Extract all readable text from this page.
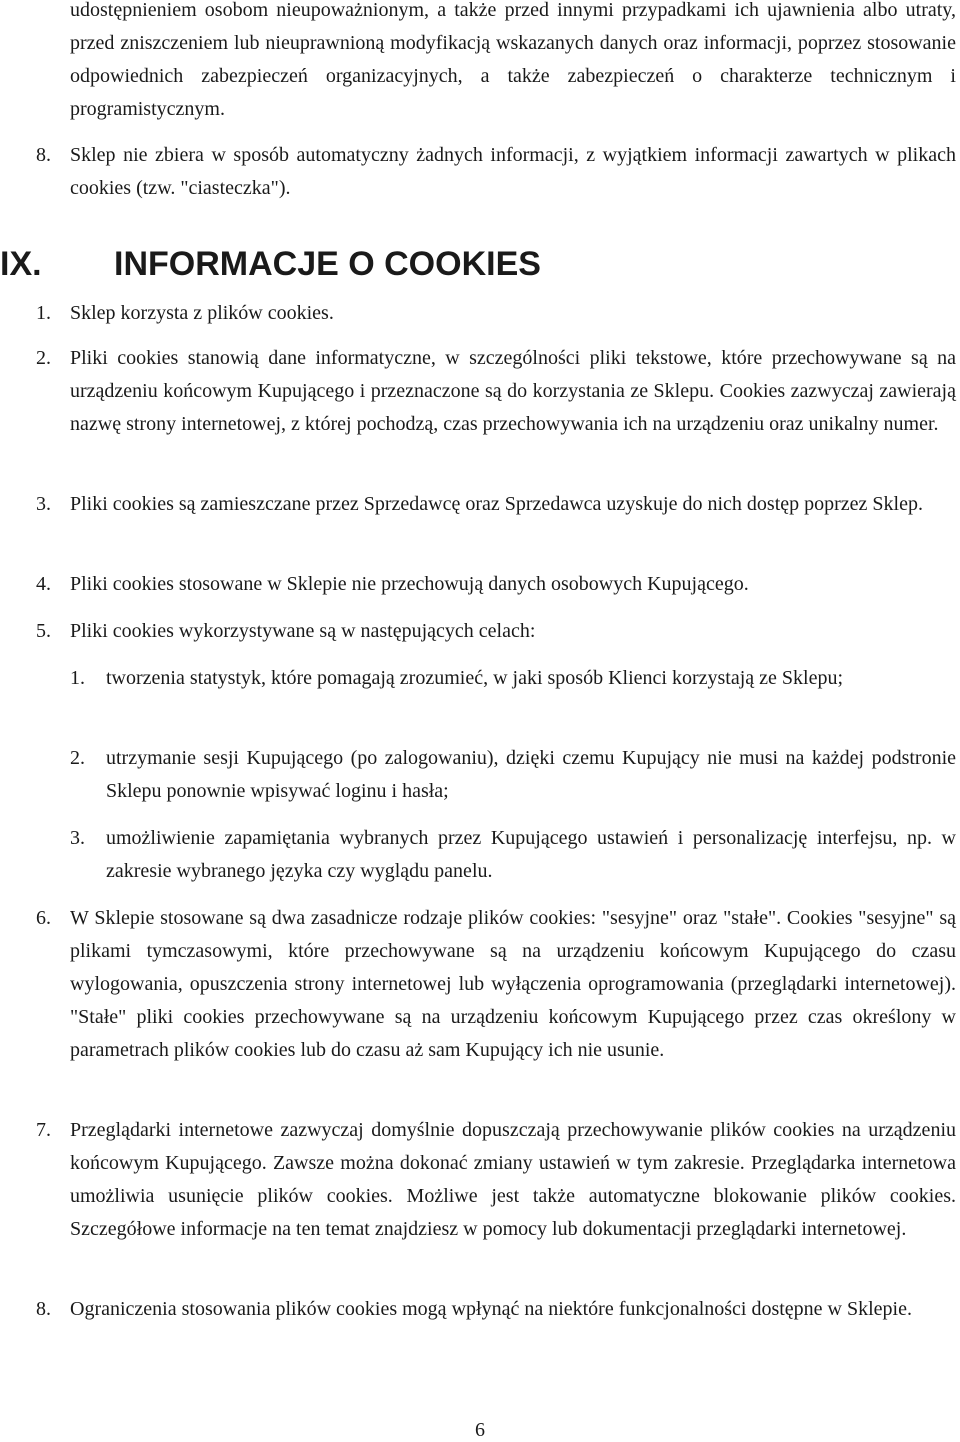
udostępnieniem osobom nieupoważnionym, a także przed innymi przypadkami ich ujawnienia albo utraty, przed zniszczeniem lub nieuprawnioną modyfikacją wskazanych danych oraz informacji, poprzez stosowanie odpowiednich zabezpieczeń organizacyjnych, a także zabezpieczeń o charakterze technicznym i programistycznym.

8. Sklep nie zbiera w sposób automatyczny żadnych informacji, z wyjątkiem informacji zawartych w plikach cookies (tzw. "ciasteczka").

IX. INFORMACJE O COOKIES

1. Sklep korzysta z plików cookies.

2. Pliki cookies stanowią dane informatyczne, w szczególności pliki tekstowe, które przechowywane są na urządzeniu końcowym Kupującego i przeznaczone są do korzystania ze Sklepu. Cookies zazwyczaj zawierają nazwę strony internetowej, z której pochodzą, czas przechowywania ich na urządzeniu oraz unikalny numer.

3. Pliki cookies są zamieszczane przez Sprzedawcę oraz Sprzedawca uzyskuje do nich dostęp poprzez Sklep.

4. Pliki cookies stosowane w Sklepie nie przechowują danych osobowych Kupującego.

5. Pliki cookies wykorzystywane są w następujących celach:

1.	tworzenia statystyk, które pomagają zrozumieć, w jaki sposób Klienci korzystają ze Sklepu;

2.	utrzymanie sesji Kupującego (po zalogowaniu), dzięki czemu Kupujący nie musi na każdej podstronie Sklepu ponownie wpisywać loginu i hasła;

3.	umożliwienie zapamiętania wybranych przez Kupującego ustawień i personalizację interfejsu, np. w zakresie wybranego języka czy wyglądu panelu.

6. W Sklepie stosowane są dwa zasadnicze rodzaje plików cookies: "sesyjne" oraz "stałe". Cookies "sesyjne" są plikami tymczasowymi, które przechowywane są na urządzeniu końcowym Kupującego do czasu wylogowania, opuszczenia strony internetowej lub wyłączenia oprogramowania (przeglądarki internetowej). "Stałe" pliki cookies przechowywane są na urządzeniu końcowym Kupującego przez czas określony w parametrach plików cookies lub do czasu aż sam Kupujący ich nie usunie.

7. Przeglądarki internetowe zazwyczaj domyślnie dopuszczają przechowywanie plików cookies na urządzeniu końcowym Kupującego. Zawsze można dokonać zmiany ustawień w tym zakresie. Przeglądarka internetowa umożliwia usunięcie plików cookies. Możliwe jest także automatyczne blokowanie plików cookies. Szczegółowe informacje na ten temat znajdziesz w pomocy lub dokumentacji przeglądarki internetowej.

8. Ograniczenia stosowania plików cookies mogą wpłynąć na niektóre funkcjonalności dostępne w Sklepie.

6
